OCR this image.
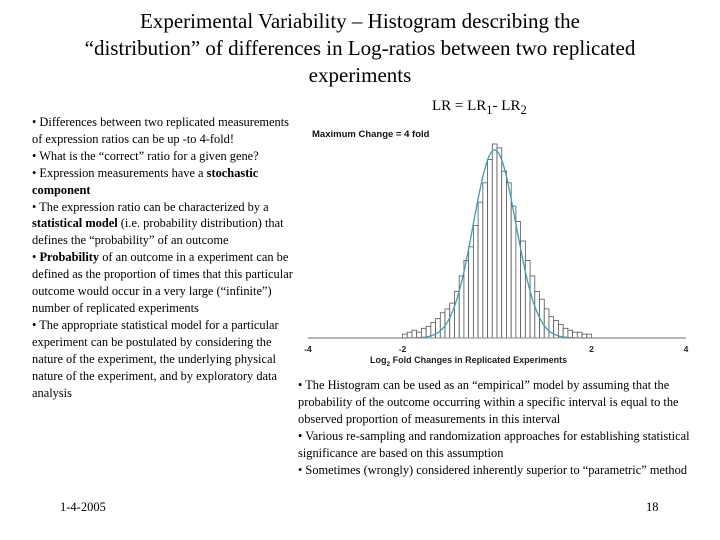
Experimental Variability – Histogram describing the
“distribution” of differences in Log-ratios between two replicated
experiments
LR = $LR_1-$ $LR_2$

• Differences between two replicated measurements of expression ratios can be up -to 4-fold!

• What is the “correct” ratio for a given gene?

• Expression measurements have a stochastic component

• The expression ratio can be characterized by a statistical model (i.e. probability distribution) that defines the “probability” of an outcome

• Probability of an outcome in a experiment can be defined as the proportion of times that this particular outcome would occur in a very large (“infinite”) number of replicated experiments

• The appropriate statistical model for a particular experiment can be postulated by considering the nature of the experiment, the underlying physical nature of the experiment, and by exploratory data analysis

-4	-2	2	4
Maximum Change = 4 fold
Log$_2$ Fold Changes in Replicated Experiments

• The Histogram can be used as an “empirical” model by assuming that the probability of the outcome occurring within a specific interval is equal to the observed proportion of measurements in this interval

• Various re-sampling and randomization approaches for establishing statistical significance are based on this assumption

• Sometimes (wrongly) considered inherently superior to “parametric” method

1-4-2005	18
